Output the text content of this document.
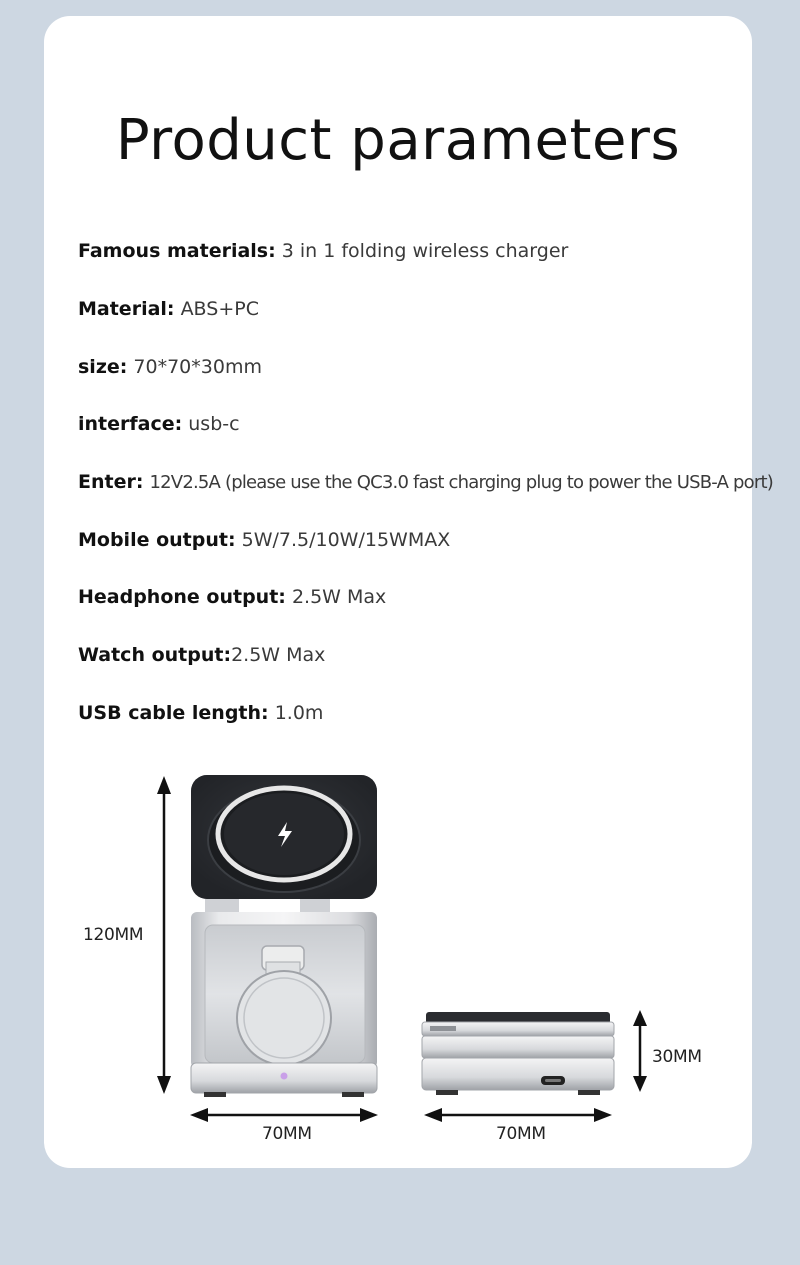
Product parameters
Famous materials: 3 in 1 folding wireless charger
Material: ABS+PC
size: 70*70*30mm
interface: usb-c
Enter: 12V2.5A (please use the QC3.0 fast charging plug to power the USB-A port)
Mobile output: 5W/7.5/10W/15WMAX
Headphone output: 2.5W Max
Watch output:2.5W Max
USB cable length: 1.0m
120MM
70MM	70MM
30MM
